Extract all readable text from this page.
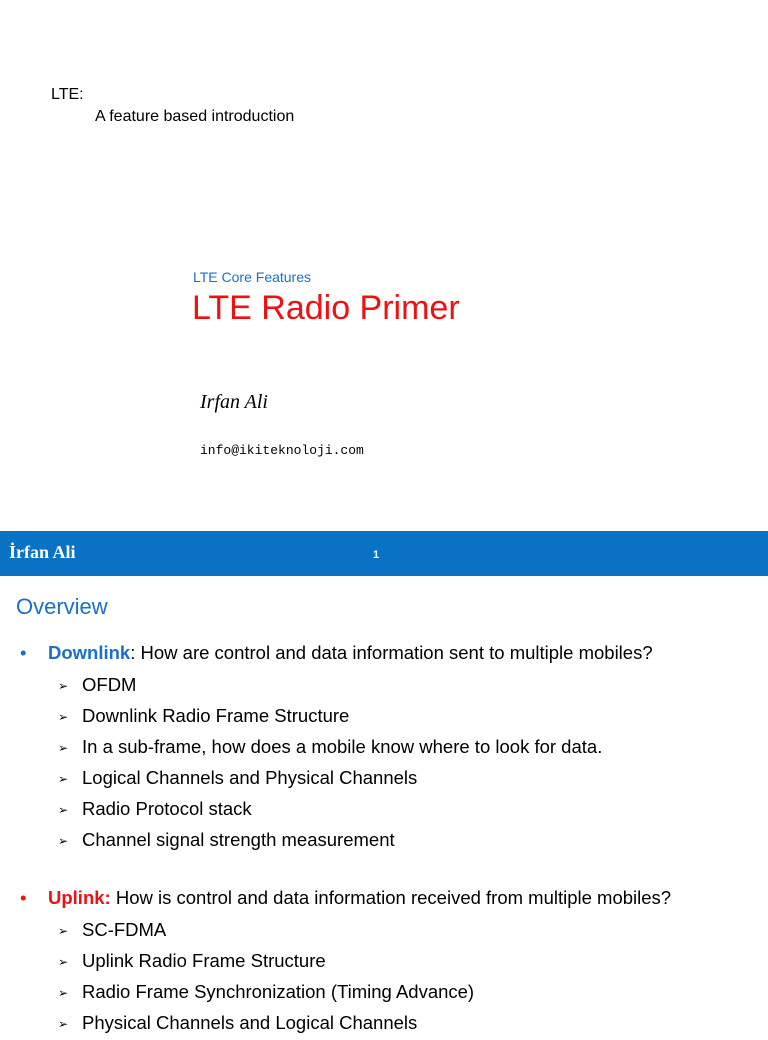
LTE:
A feature based introduction
LTE Core Features
LTE Radio Primer
Irfan Ali
info@ikiteknoloji.com
İrfan Ali	1
Overview
• Downlink: How are control and data information sent to multiple mobiles?
➢ OFDM
➢ Downlink Radio Frame Structure
➢ In a sub-frame, how does a mobile know where to look for data.
➢ Logical Channels and Physical Channels
➢ Radio Protocol stack
➢ Channel signal strength measurement
• Uplink: How is control and data information received from multiple mobiles?
➢ SC-FDMA
➢ Uplink Radio Frame Structure
➢ Radio Frame Synchronization (Timing Advance)
➢ Physical Channels and Logical Channels
